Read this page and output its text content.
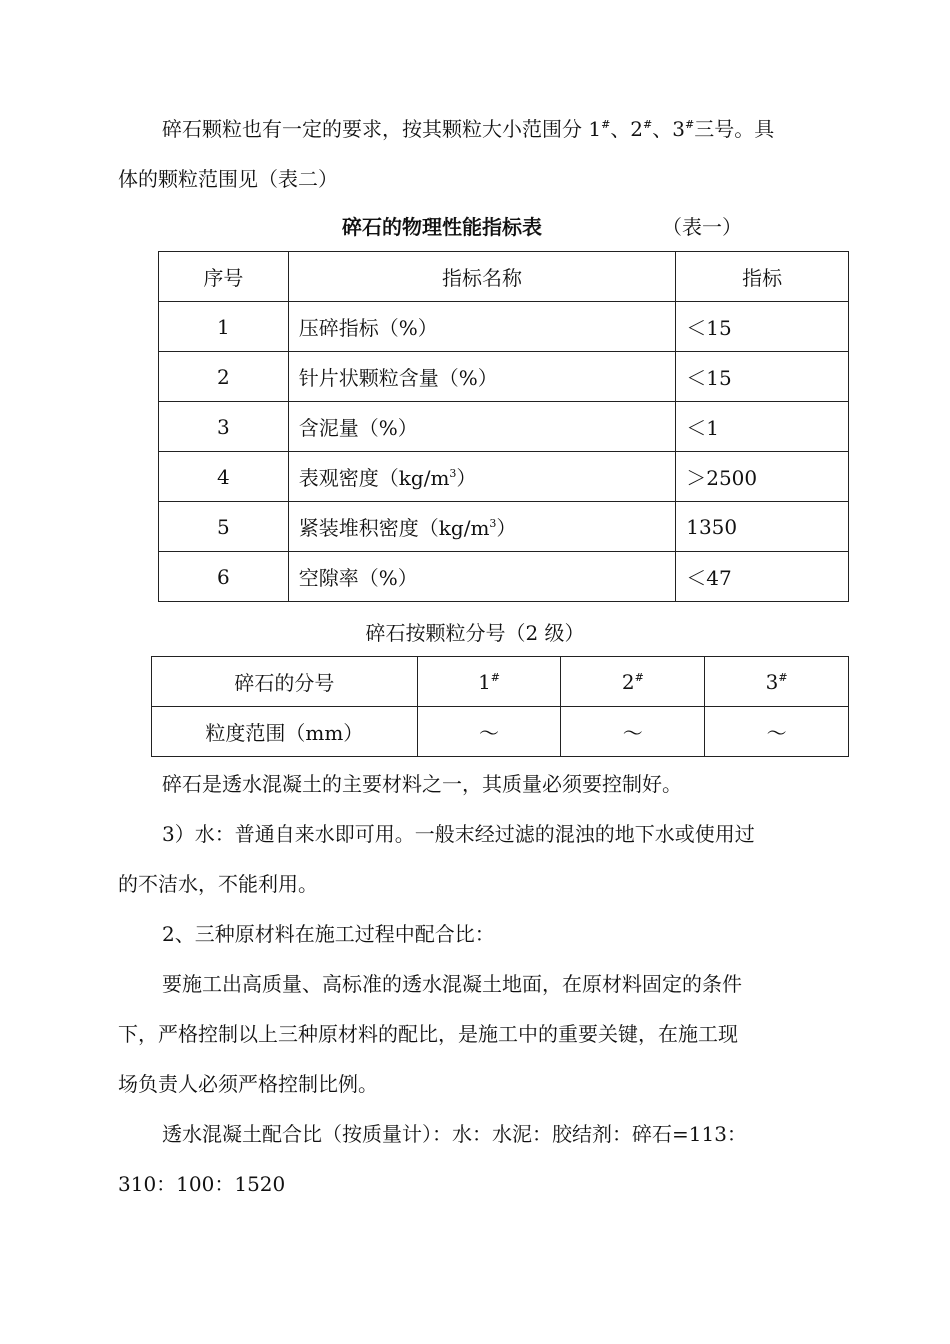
碎石颗粒也有一定的要求，按其颗粒大小范围分 1#、2#、3#三号。具
体的颗粒范围见（表二）
碎石的物理性能指标表	（表一）
序号	指标名称	指标
1	压碎指标（%）	＜15
2	针片状颗粒含量（%）	＜15
3	含泥量（%）	＜1
4	表观密度$(kg/m^3)$	＞2500
5	紧装堆积密度$(kg/m^3)$	1350
6	空隙率（%）	＜47
碎石按颗粒分号（2 级）
碎石的分号	1#	2#	3#
粒度范围（mm）	～	～	～
碎石是透水混凝土的主要材料之一，其质量必须要控制好。
3）水：普通自来水即可用。一般末经过滤的混浊的地下水或使用过
的不洁水，不能利用。
2、三种原材料在施工过程中配合比：
要施工出高质量、高标准的透水混凝土地面，在原材料固定的条件
下，严格控制以上三种原材料的配比，是施工中的重要关键，在施工现
场负责人必须严格控制比例。
透水混凝土配合比（按质量计）：水：水泥：胶结剂：碎石=113：
310：100：1520
